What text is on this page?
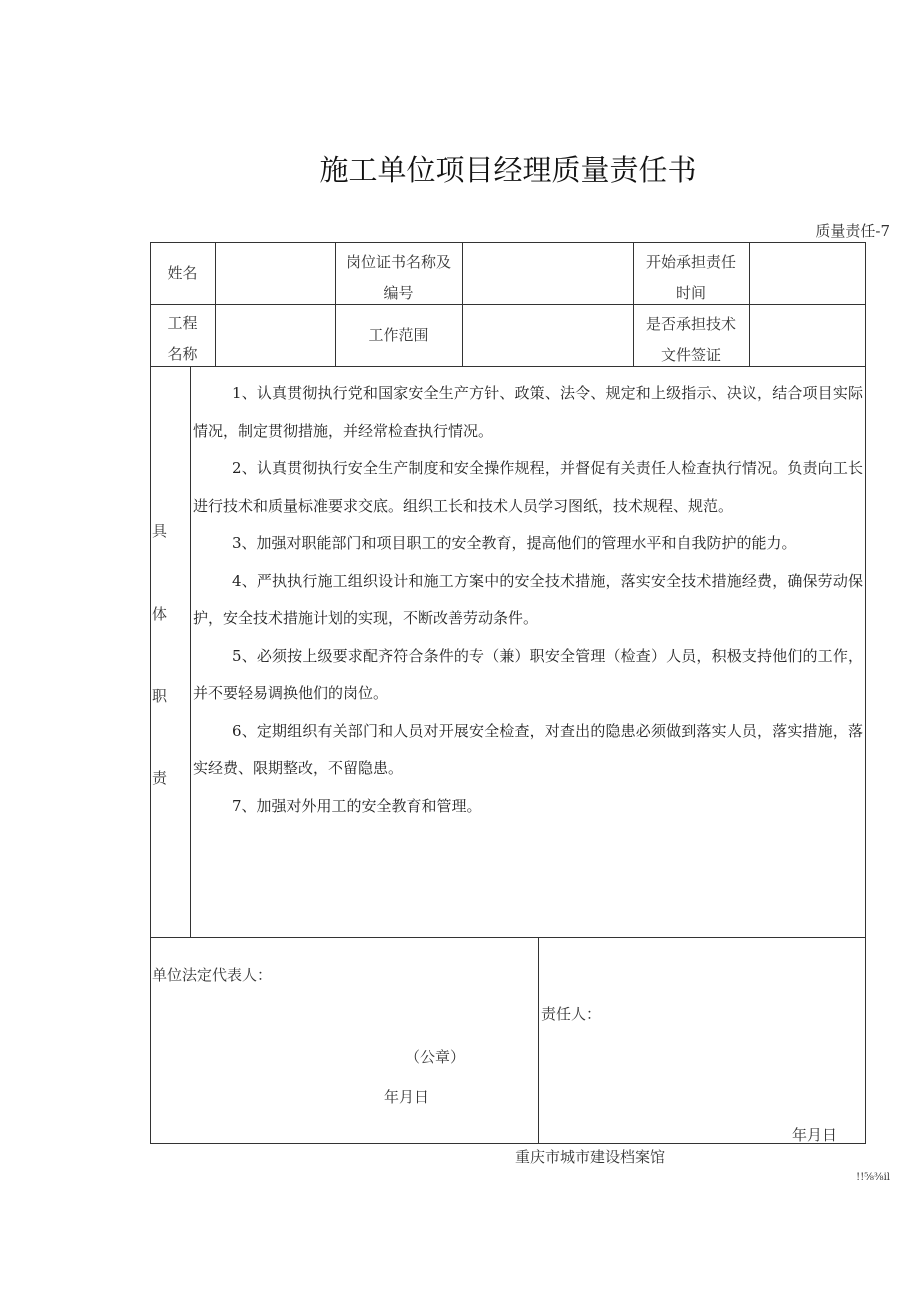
施工单位项目经理质量责任书
质量责任-7
姓名
岗位证书名称及
编号
开始承担责任
时间
工程
名称
工作范围
是否承担技术
文件签证
具
体
职
责

1、认真贯彻执行党和国家安全生产方针、政策、法令、规定和上级指示、决议，结合项目实际情况，制定贯彻措施，并经常检查执行情况。

2、认真贯彻执行安全生产制度和安全操作规程，并督促有关责任人检查执行情况。负责向工长进行技术和质量标准要求交底。组织工长和技术人员学习图纸，技术规程、规范。

3、加强对职能部门和项目职工的安全教育，提高他们的管理水平和自我防护的能力。

4、严执执行施工组织设计和施工方案中的安全技术措施，落实安全技术措施经费，确保劳动保护，安全技术措施计划的实现，不断改善劳动条件。

5、必须按上级要求配齐符合条件的专（兼）职安全管理（检查）人员，积极支持他们的工作，并不要轻易调换他们的岗位。

6、定期组织有关部门和人员对开展安全检查，对查出的隐患必须做到落实人员，落实措施，落实经费、限期整改，不留隐患。

7、加强对外用工的安全教育和管理。

单位法定代表人：
（公章）
年月日
责任人：
年月日
重庆市城市建设档案馆
!!⅝⅜il
